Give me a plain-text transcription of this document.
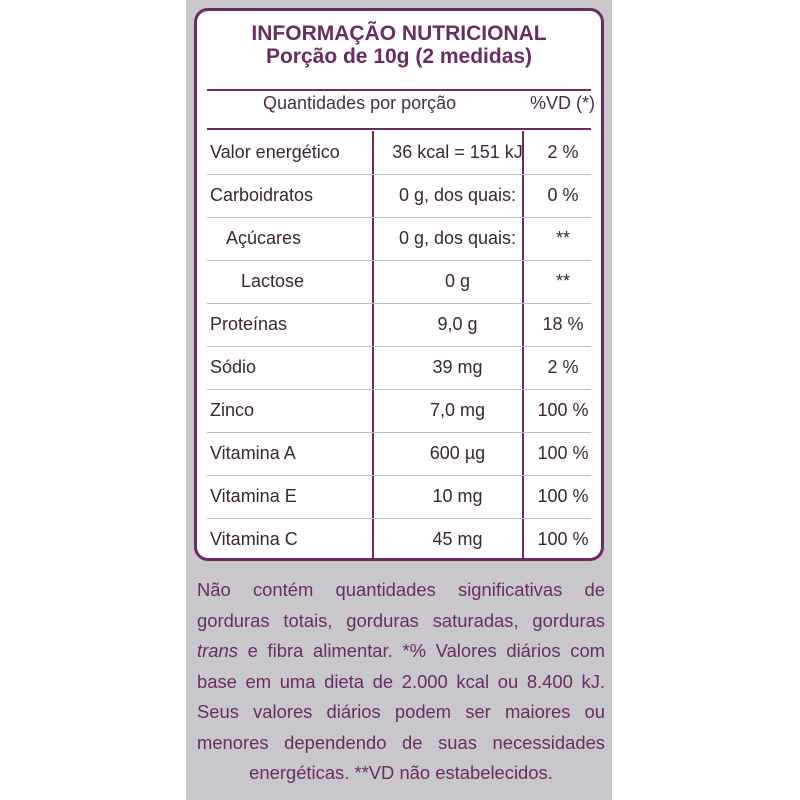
INFORMAÇÃO NUTRICIONAL
Porção de 10g (2 medidas)
Quantidades por porção	%VD (*)
Valor energético	36 kcal = 151 kJ	2 %
Carboidratos	0 g, dos quais:	0 %
Açúcares	0 g, dos quais:	**
Lactose	0 g	**
Proteínas	9,0 g	18 %
Sódio	39 mg	2 %
Zinco	7,0 mg	100 %
Vitamina A	600 µg	100 %
Vitamina E	10 mg	100 %
Vitamina C	45 mg	100 %
Não contém quantidades significativas de gorduras totais, gorduras saturadas, gorduras trans e fibra alimentar. *% Valores diários com base em uma dieta de 2.000 kcal ou 8.400 kJ. Seus valores diários podem ser maiores ou menores dependendo de suas necessidades energéticas. **VD não estabelecidos.
